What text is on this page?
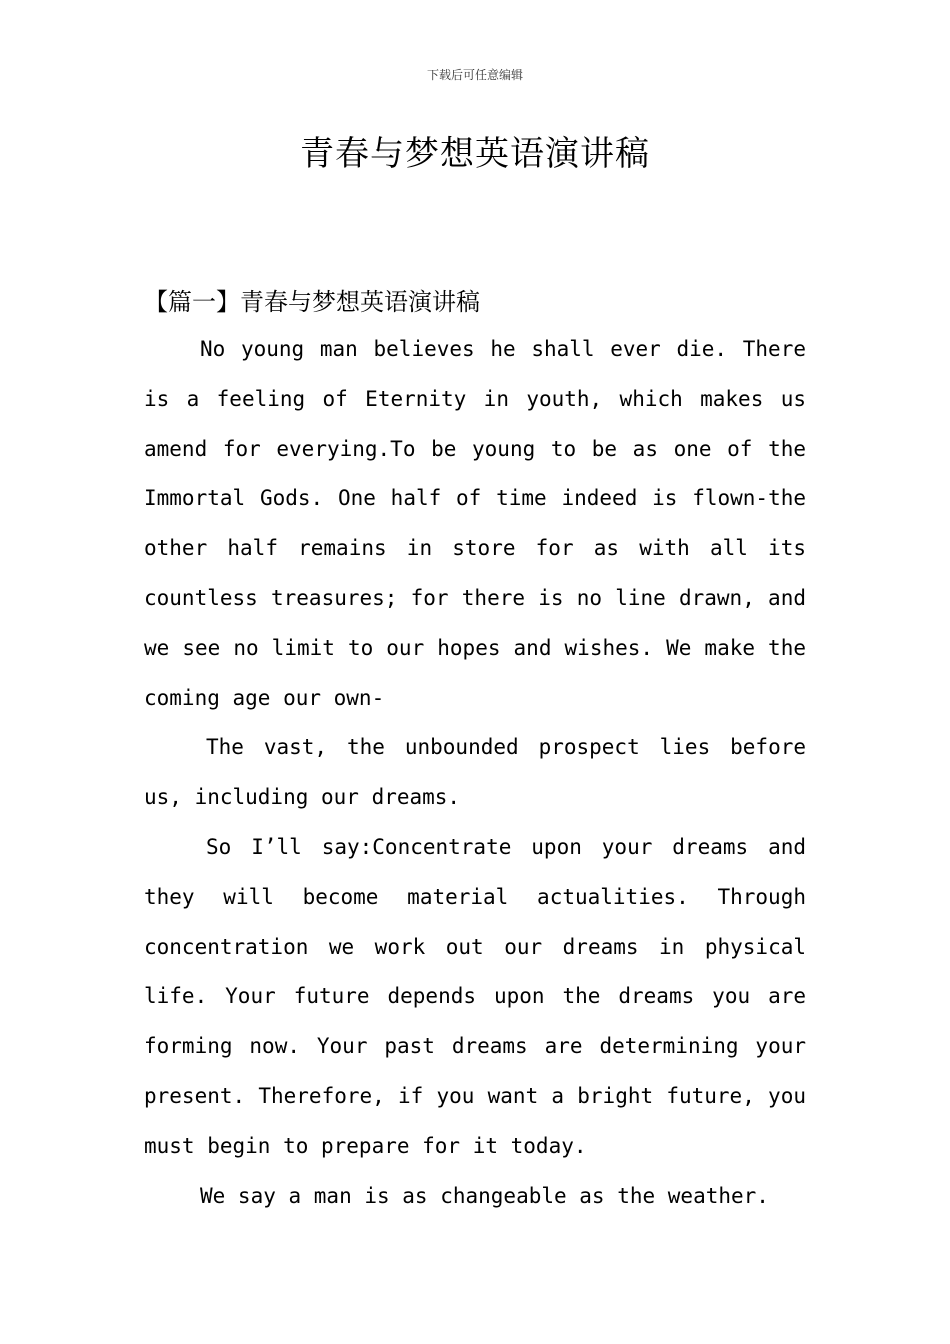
下载后可任意编辑
青春与梦想英语演讲稿
【篇一】青春与梦想英语演讲稿

No young man believes he shall ever die. There is a feeling of Eternity in youth, which makes us amend for everying.To be young to be as one of the Immortal Gods. One half of time indeed is flown-the other half remains in store for as with all its countless treasures; for there is no line drawn, and we see no limit to our hopes and wishes. We make the coming age our own-

The vast, the unbounded prospect lies before us, including our dreams.

So I’ll say:Concentrate upon your dreams and they will become material actualities. Through concentration we work out our dreams in physical life. Your future depends upon the dreams you are forming now. Your past dreams are determining your present. Therefore, if you want a bright future, you must begin to prepare for it today.

We say a man is as changeable as the weather.
